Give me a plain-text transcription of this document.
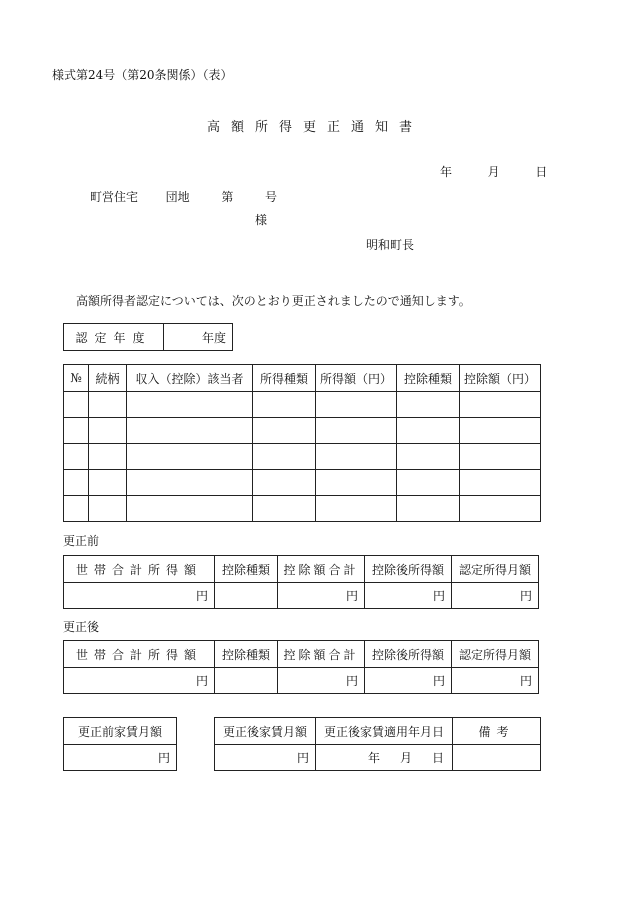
様式第24号（第20条関係）（表）
高額所得更正通知書
年	月	日
町営住宅 団地	第	号
様
明和町長
高額所得者認定については、次のとおり更正されましたので通知します。
認定年度	年度
№	続柄	収入（控除）該当者	所得種類	所得額（円）	控除種類	控除額（円）

更正前
世帯合計所得額	控除種類	控除額合計	控除後所得額	認定所得月額
円		円	円	円
更正後
世帯合計所得額	控除種類	控除額合計	控除後所得額	認定所得月額
円		円	円	円
更正前家賃月額
円
更正後家賃月額	更正後家賃適用年月日	備考
円	年 月 日	
